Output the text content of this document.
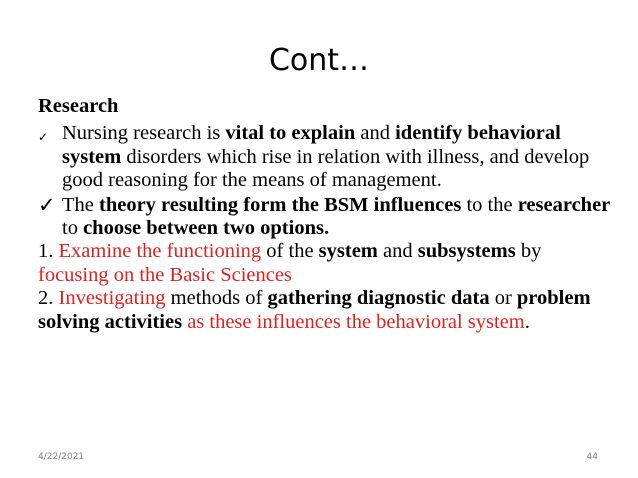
Cont…

Research

✓ Nursing research is vital to explain and identify behavioral system disorders which rise in relation with illness, and develop good reasoning for the means of management.

✓ The theory resulting form the BSM influences to the researcher to choose between two options.

1. Examine the functioning of the system and subsystems by focusing on the Basic Sciences

2. Investigating methods of gathering diagnostic data or problem solving activities as these influences the behavioral system.

4/22/2021	44
